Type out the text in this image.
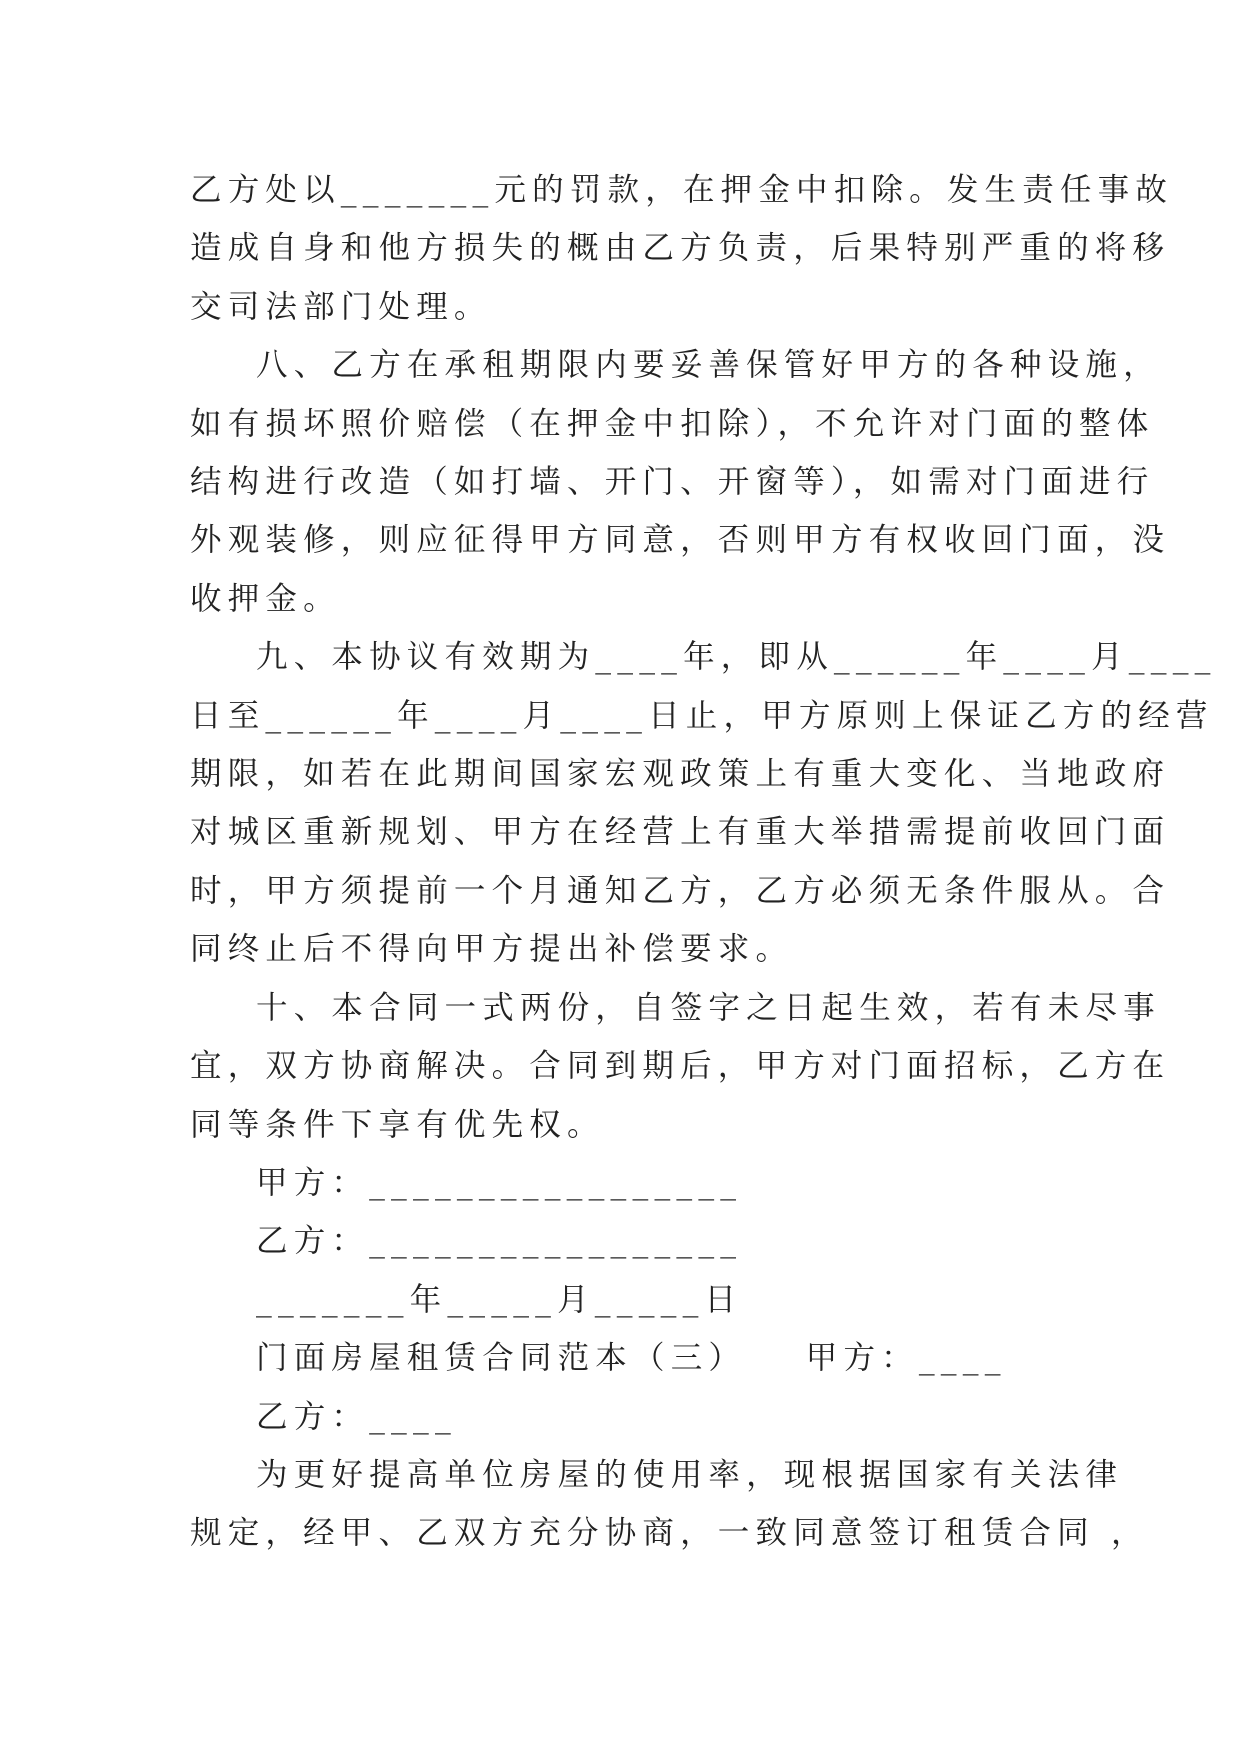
乙方处以_______元的罚款，在押金中扣除。发生责任事故

造成自身和他方损失的概由乙方负责，后果特别严重的将移

交司法部门处理。

八、乙方在承租期限内要妥善保管好甲方的各种设施，

如有损坏照价赔偿（在押金中扣除），不允许对门面的整体

结构进行改造（如打墙、开门、开窗等），如需对门面进行

外观装修，则应征得甲方同意，否则甲方有权收回门面，没

收押金。

九、本协议有效期为____年，即从______年____月____

日至______年____月____日止，甲方原则上保证乙方的经营

期限，如若在此期间国家宏观政策上有重大变化、当地政府

对城区重新规划、甲方在经营上有重大举措需提前收回门面

时，甲方须提前一个月通知乙方，乙方必须无条件服从。合

同终止后不得向甲方提出补偿要求。

十、本合同一式两份，自签字之日起生效，若有未尽事

宜，双方协商解决。合同到期后，甲方对门面招标，乙方在

同等条件下享有优先权。

甲方：_________________

乙方：_________________

_______年_____月_____日

门面房屋租赁合同范本（三）　　甲方：____

乙方：____

为更好提高单位房屋的使用率，现根据国家有关法律

规定，经甲、乙双方充分协商，一致同意签订租赁合同 ，
